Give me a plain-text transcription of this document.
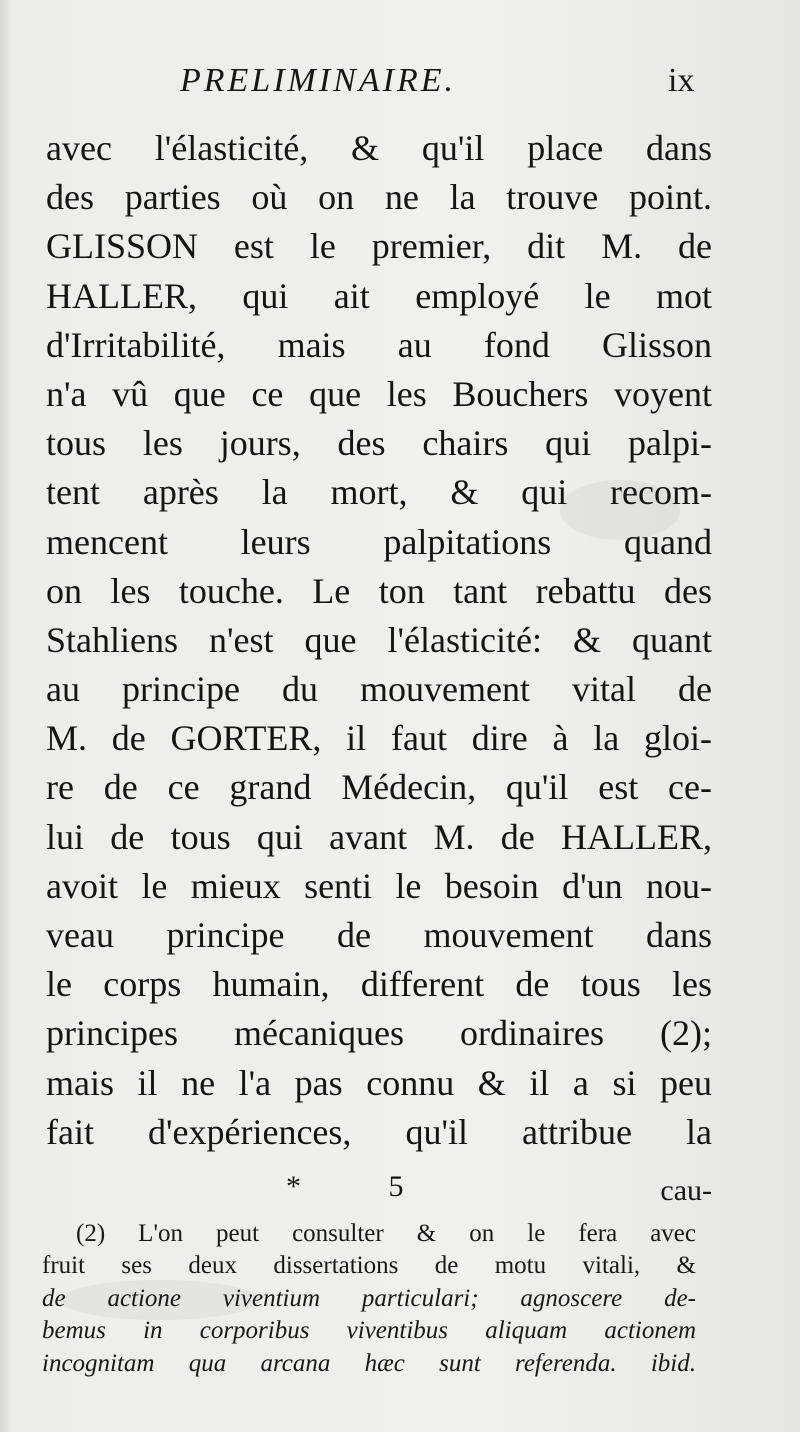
PRELIMINAIRE.	ix
avec l'élasticité, & qu'il place dans
des parties où on ne la trouve point.
GLISSON est le premier, dit M. de
HALLER, qui ait employé le mot
d'Irritabilité, mais au fond Glisson
n'a vû que ce que les Bouchers voyent
tous les jours, des chairs qui palpi-
tent après la mort, & qui recom-
mencent leurs palpitations quand
on les touche. Le ton tant rebattu des
Stahliens n'est que l'élasticité: & quant
au principe du mouvement vital de
M. de GORTER, il faut dire à la gloi-
re de ce grand Médecin, qu'il est ce-
lui de tous qui avant M. de HALLER,
avoit le mieux senti le besoin d'un nou-
veau principe de mouvement dans
le corps humain, different de tous les
principes mécaniques ordinaires (2);
mais il ne l'a pas connu & il a si peu
fait d'expériences, qu'il attribue la
* 5	cau-
(2) L'on peut consulter & on le fera avec
fruit ses deux dissertations de motu vitali, &
de actione viventium particulari; agnoscere de-
bemus in corporibus viventibus aliquam actionem
incognitam qua arcana hæc sunt referenda. ibid.
